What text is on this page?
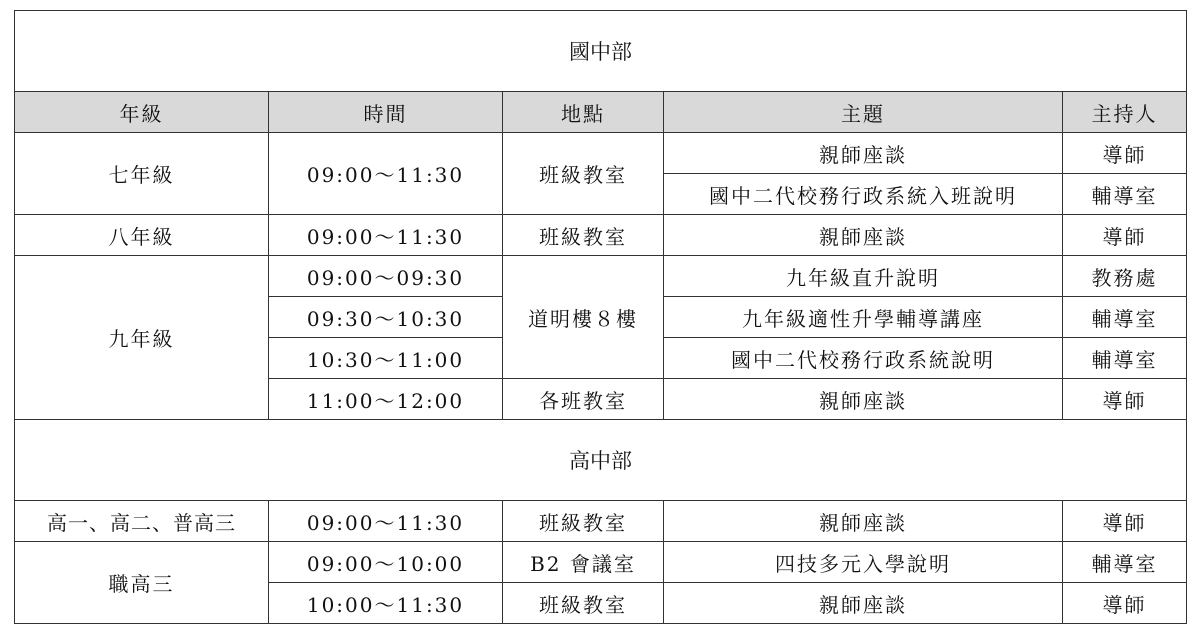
國中部				
年級	時間	地點	主題	主持人
七年級	09:00～11:30	班級教室	親師座談	導師
			國中二代校務行政系統入班說明	輔導室
八年級	09:00～11:30	班級教室	親師座談	導師
九年級	09:00～09:30	道明樓８樓	九年級直升說明	教務處
	09:30～10:30		九年級適性升學輔導講座	輔導室
	10:30～11:00		國中二代校務行政系統說明	輔導室
	11:00～12:00	各班教室	親師座談	導師
高中部				
高一、高二、普高三	09:00～11:30	班級教室	親師座談	導師
職高三	09:00～10:00	B2 會議室	四技多元入學說明	輔導室
	10:00～11:30	班級教室	親師座談	導師
